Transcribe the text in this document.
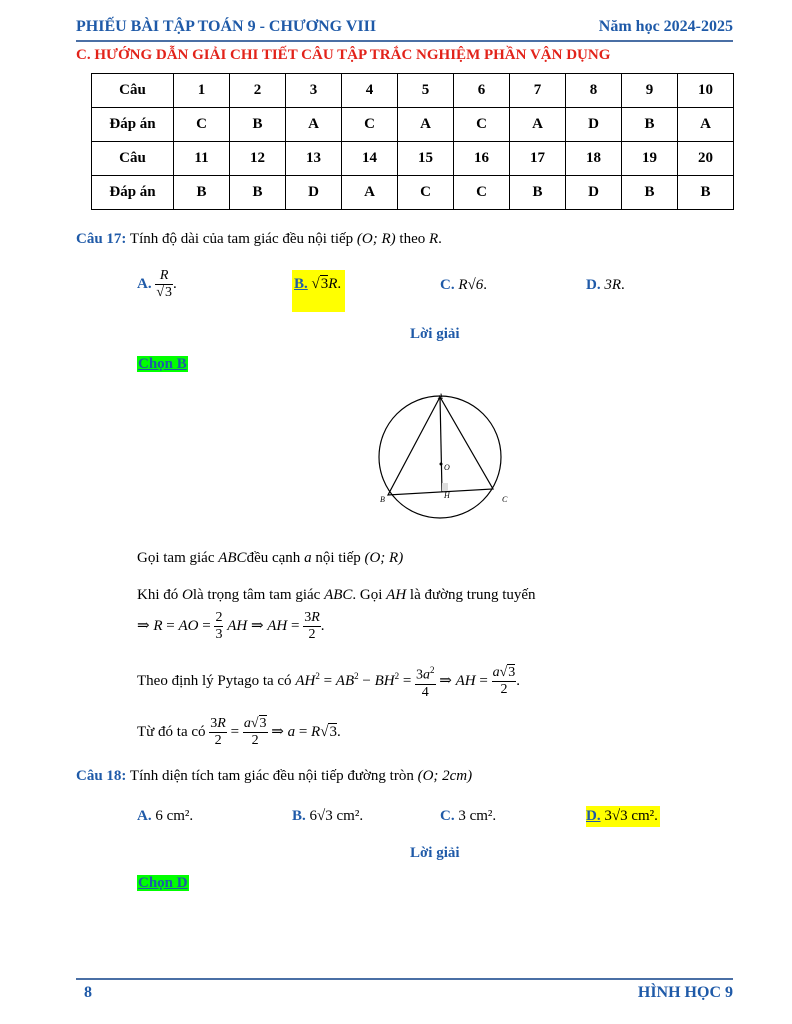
PHIẾU BÀI TẬP TOÁN 9 - CHƯƠNG VIII	Năm học 2024-2025
C. HƯỚNG DẪN GIẢI CHI TIẾT CÂU TẬP TRẮC NGHIỆM PHẦN VẬN DỤNG
Câu	1	2	3	4	5	6	7	8	9	10
Đáp án	C	B	A	C	A	C	A	D	B	A
Câu	11	12	13	14	15	16	17	18	19	20
Đáp án	B	B	D	A	C	C	B	D	B	B
Câu 17: Tính độ dài của tam giác đều nội tiếp (O; R) theo R.
A. $\frac{R}{√3}$ .	B. √3R.	C. R√6.	D. 3R.
Lời giải
Chọn B
A
B	C
O
H
Gọi tam giác ABCđều cạnh a nội tiếp (O; R)
Khi đó Olà trọng tâm tam giác ABC. Gọi AH là đường trung tuyến
⇒ R = AO = $\frac{2}{3}$ AH ⇒ AH = $\frac{3R}{2}$ .
Theo định lý Pytago ta có $AH^2 = AB^2 - BH^2 = \frac{3a^2}{4}$ ⇒ AH = $\frac{a√3}{2}$ .
Từ đó ta có $\frac{3R}{2} = \frac{a√3}{2}$ ⇒ a = R√3.
Câu 18: Tính diện tích tam giác đều nội tiếp đường tròn (O; 2cm)
A. 6 cm².	B. 6√3 cm².	C. 3 cm².	D. 3√3 cm².
Lời giải
Chọn D
8	HÌNH HỌC 9
